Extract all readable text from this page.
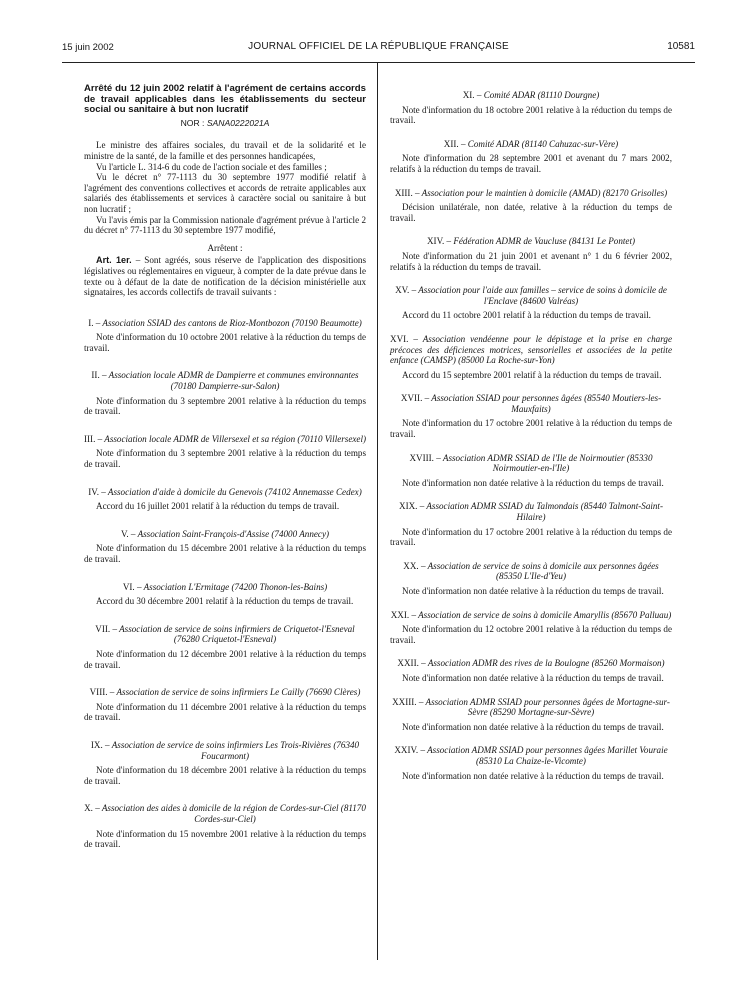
15 juin 2002	JOURNAL OFFICIEL DE LA RÉPUBLIQUE FRANÇAISE	10581
Arrêté du 12 juin 2002 relatif à l'agrément de certains accords de travail applicables dans les établissements du secteur social ou sanitaire à but non lucratif
NOR : SANA0222021A

Le ministre des affaires sociales, du travail et de la solidarité et le ministre de la santé, de la famille et des personnes handicapées,

Vu l'article L. 314-6 du code de l'action sociale et des familles ;

Vu le décret n° 77-1113 du 30 septembre 1977 modifié relatif à l'agrément des conventions collectives et accords de retraite applicables aux salariés des établissements et services à caractère social ou sanitaire à but non lucratif ;

Vu l'avis émis par la Commission nationale d'agrément prévue à l'article 2 du décret n° 77-1113 du 30 septembre 1977 modifié,

Arrêtent :

Art. 1er. – Sont agréés, sous réserve de l'application des dispositions législatives ou réglementaires en vigueur, à compter de la date prévue dans le texte ou à défaut de la date de notification de la décision ministérielle aux signataires, les accords collectifs de travail suivants :

I. – Association SSIAD des cantons de Rioz-Montbozon (70190 Beaumotte)

Note d'information du 10 octobre 2001 relative à la réduction du temps de travail.

II. – Association locale ADMR de Dampierre et communes environnantes (70180 Dampierre-sur-Salon)

Note d'information du 3 septembre 2001 relative à la réduction du temps de travail.

III. – Association locale ADMR de Villersexel et sa région (70110 Villersexel)

Note d'information du 3 septembre 2001 relative à la réduction du temps de travail.

IV. – Association d'aide à domicile du Genevois (74102 Annemasse Cedex)

Accord du 16 juillet 2001 relatif à la réduction du temps de travail.

V. – Association Saint-François-d'Assise (74000 Annecy)

Note d'information du 15 décembre 2001 relative à la réduction du temps de travail.

VI. – Association L'Ermitage (74200 Thonon-les-Bains)

Accord du 30 décembre 2001 relatif à la réduction du temps de travail.

VII. – Association de service de soins infirmiers de Criquetot-l'Esneval (76280 Criquetot-l'Esneval)

Note d'information du 12 décembre 2001 relative à la réduction du temps de travail.

VIII. – Association de service de soins infirmiers Le Cailly (76690 Clères)

Note d'information du 11 décembre 2001 relative à la réduction du temps de travail.

IX. – Association de service de soins infirmiers Les Trois-Rivières (76340 Foucarmont)

Note d'information du 18 décembre 2001 relative à la réduction du temps de travail.

X. – Association des aides à domicile de la région de Cordes-sur-Ciel (81170 Cordes-sur-Ciel)

Note d'information du 15 novembre 2001 relative à la réduction du temps de travail.

XI. – Comité ADAR (81110 Dourgne)

Note d'information du 18 octobre 2001 relative à la réduction du temps de travail.

XII. – Comité ADAR (81140 Cahuzac-sur-Vère)

Note d'information du 28 septembre 2001 et avenant du 7 mars 2002, relatifs à la réduction du temps de travail.

XIII. – Association pour le maintien à domicile (AMAD) (82170 Grisolles)

Décision unilatérale, non datée, relative à la réduction du temps de travail.

XIV. – Fédération ADMR de Vaucluse (84131 Le Pontet)

Note d'information du 21 juin 2001 et avenant n° 1 du 6 février 2002, relatifs à la réduction du temps de travail.

XV. – Association pour l'aide aux familles – service de soins à domicile de l'Enclave (84600 Valréas)

Accord du 11 octobre 2001 relatif à la réduction du temps de travail.

XVI. – Association vendéenne pour le dépistage et la prise en charge précoces des déficiences motrices, sensorielles et associées de la petite enfance (CAMSP) (85000 La Roche-sur-Yon)

Accord du 15 septembre 2001 relatif à la réduction du temps de travail.

XVII. – Association SSIAD pour personnes âgées (85540 Moutiers-les-Mauxfaits)

Note d'information du 17 octobre 2001 relative à la réduction du temps de travail.

XVIII. – Association ADMR SSIAD de l'Ile de Noirmoutier (85330 Noirmoutier-en-l'Ile)

Note d'information non datée relative à la réduction du temps de travail.

XIX. – Association ADMR SSIAD du Talmondais (85440 Talmont-Saint-Hilaire)

Note d'information du 17 octobre 2001 relative à la réduction du temps de travail.

XX. – Association de service de soins à domicile aux personnes âgées (85350 L'Ile-d'Yeu)

Note d'information non datée relative à la réduction du temps de travail.

XXI. – Association de service de soins à domicile Amaryllis (85670 Palluau)

Note d'information du 12 octobre 2001 relative à la réduction du temps de travail.

XXII. – Association ADMR des rives de la Boulogne (85260 Mormaison)

Note d'information non datée relative à la réduction du temps de travail.

XXIII. – Association ADMR SSIAD pour personnes âgées de Mortagne-sur-Sèvre (85290 Mortagne-sur-Sèvre)

Note d'information non datée relative à la réduction du temps de travail.

XXIV. – Association ADMR SSIAD pour personnes âgées Marillet Vouraie (85310 La Chaize-le-Vicomte)

Note d'information non datée relative à la réduction du temps de travail.
